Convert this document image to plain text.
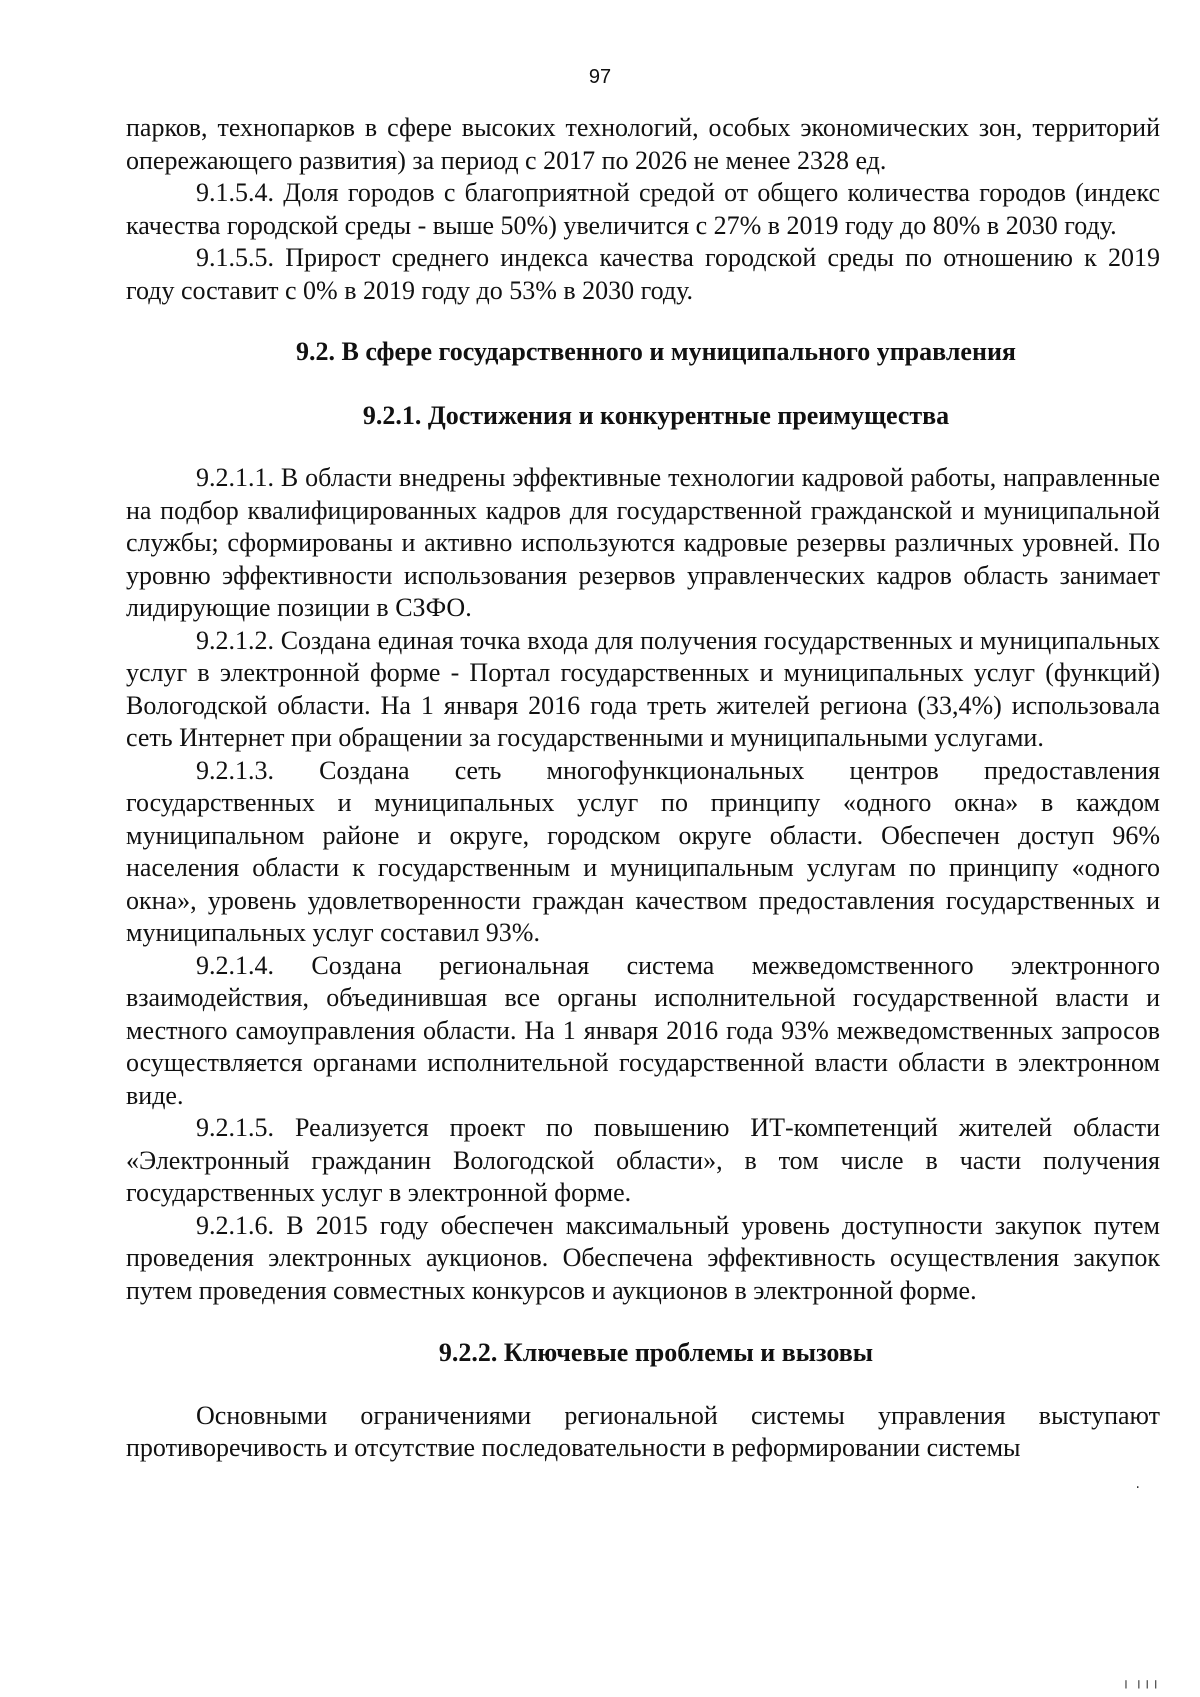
97

парков, технопарков в сфере высоких технологий, особых экономических зон, территорий опережающего развития) за период с 2017 по 2026 не менее 2328 ед.

9.1.5.4. Доля городов с благоприятной средой от общего количества городов (индекс качества городской среды - выше 50%) увеличится с 27% в 2019 году до 80% в 2030 году.

9.1.5.5. Прирост среднего индекса качества городской среды по отношению к 2019 году составит с 0% в 2019 году до 53% в 2030 году.

9.2. В сфере государственного и муниципального управления
9.2.1. Достижения и конкурентные преимущества

9.2.1.1. В области внедрены эффективные технологии кадровой работы, направленные на подбор квалифицированных кадров для государственной гражданской и муниципальной службы; сформированы и активно используются кадровые резервы различных уровней. По уровню эффективности использования резервов управленческих кадров область занимает лидирующие позиции в СЗФО.

9.2.1.2. Создана единая точка входа для получения государственных и муниципальных услуг в электронной форме - Портал государственных и муниципальных услуг (функций) Вологодской области. На 1 января 2016 года треть жителей региона (33,4%) использовала сеть Интернет при обращении за государственными и муниципальными услугами.

9.2.1.3. Создана сеть многофункциональных центров предоставления государственных и муниципальных услуг по принципу «одного окна» в каждом муниципальном районе и округе, городском округе области. Обеспечен доступ 96% населения области к государственным и муниципальным услугам по принципу «одного окна», уровень удовлетворенности граждан качеством предоставления государственных и муниципальных услуг составил 93%.

9.2.1.4. Создана региональная система межведомственного электронного взаимодействия, объединившая все органы исполнительной государственной власти и местного самоуправления области. На 1 января 2016 года 93% межведомственных запросов осуществляется органами исполнительной государственной власти области в электронном виде.

9.2.1.5. Реализуется проект по повышению ИТ-компетенций жителей области «Электронный гражданин Вологодской области», в том числе в части получения государственных услуг в электронной форме.

9.2.1.6. В 2015 году обеспечен максимальный уровень доступности закупок путем проведения электронных аукционов. Обеспечена эффективность осуществления закупок путем проведения совместных конкурсов и аукционов в электронной форме.

9.2.2. Ключевые проблемы и вызовы

Основными ограничениями региональной системы управления выступают противоречивость и отсутствие последовательности в реформировании системы

·
╷ ╷╷╷
